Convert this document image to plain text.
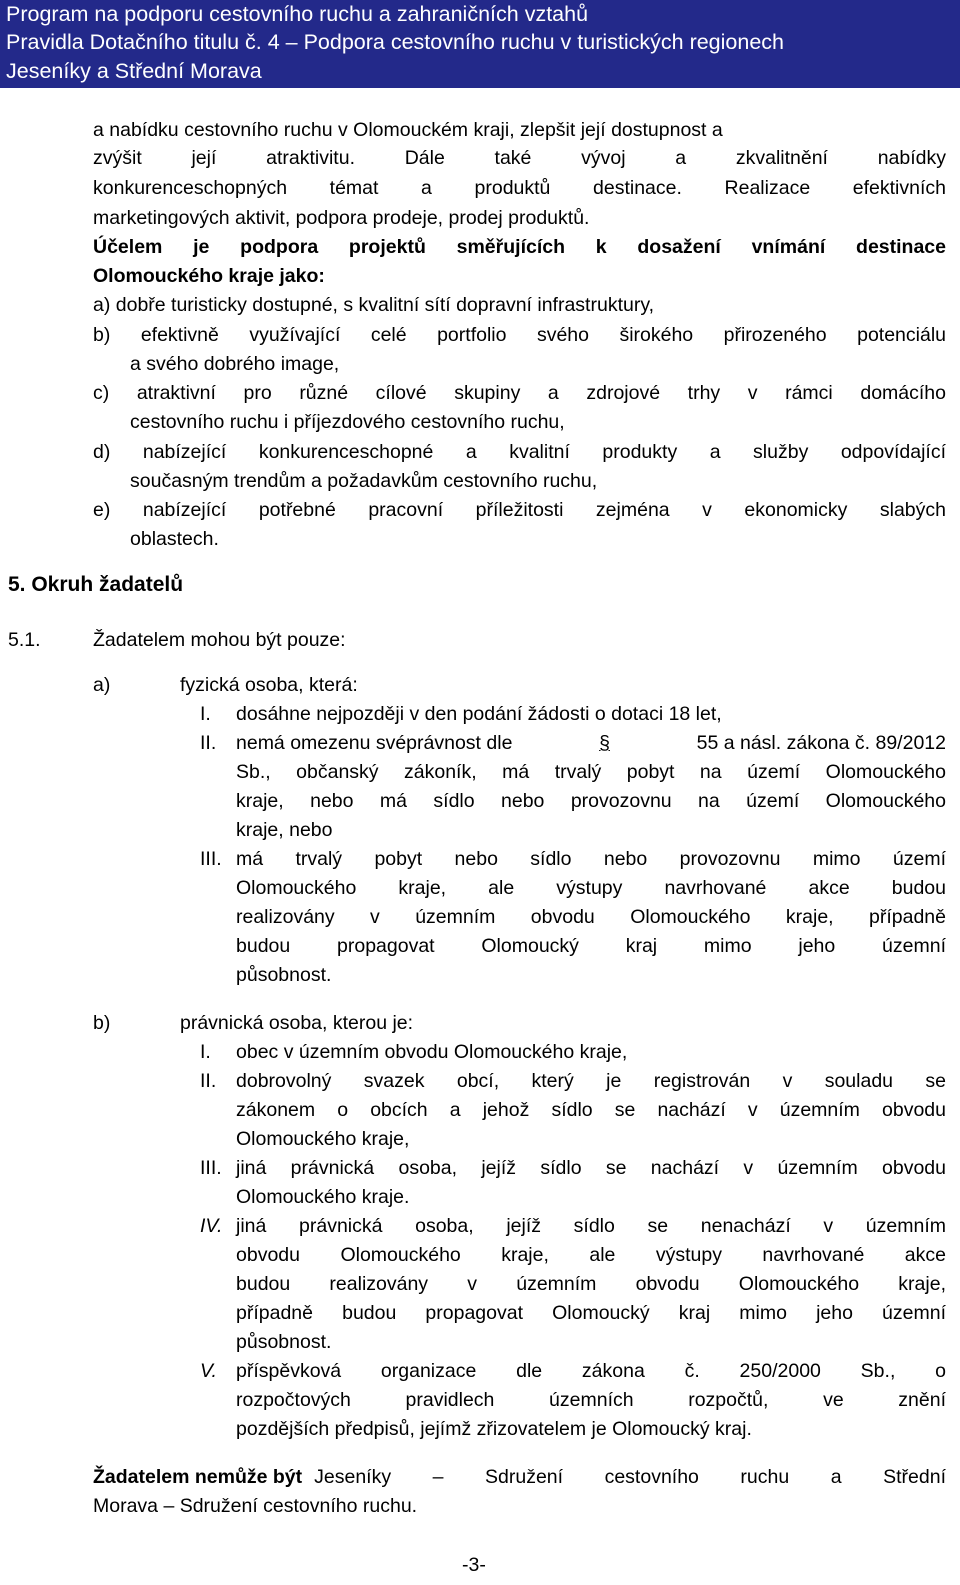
Program na podporu cestovního ruchu a zahraničních vztahů
Pravidla Dotačního titulu č. 4 – Podpora cestovního ruchu v turistických regionech
Jeseníky a Střední Morava
a nabídku cestovního ruchu v Olomouckém kraji, zlepšit její dostupnost a
zvýšit její atraktivitu. Dále také vývoj a zkvalitnění nabídky
konkurenceschopných témat a produktů destinace. Realizace efektivních
marketingových aktivit, podpora prodeje, prodej produktů.
Účelem je podpora projektů směřujících k dosažení vnímání destinace
Olomouckého kraje jako:
a) dobře turisticky dostupné, s kvalitní sítí dopravní infrastruktury,
b) efektivně využívající celé portfolio svého širokého přirozeného potenciálu
a svého dobrého image,
c) atraktivní pro různé cílové skupiny a zdrojové trhy v rámci domácího
cestovního ruchu i příjezdového cestovního ruchu,
d) nabízející konkurenceschopné a kvalitní produkty a služby odpovídající
současným trendům a požadavkům cestovního ruchu,
e) nabízející potřebné pracovní příležitosti zejména v ekonomicky slabých
oblastech.
5. Okruh žadatelů
5.1.	Žadatelem mohou být pouze:
a)	fyzická osoba, která:
I. dosáhne nejpozději v den podání žádosti o dotaci 18 let,
II. nemá omezenu svéprávnost dle	§	55 a násl. zákona č. 89/2012
Sb., občanský zákoník, má trvalý pobyt na území Olomouckého
kraje, nebo má sídlo nebo provozovnu na území Olomouckého
kraje, nebo
III. má trvalý pobyt nebo sídlo nebo provozovnu mimo území
Olomouckého kraje, ale výstupy navrhované akce budou
realizovány v územním obvodu Olomouckého kraje, případně
budou propagovat Olomoucký kraj mimo jeho územní
působnost.
b)	právnická osoba, kterou je:
I. obec v územním obvodu Olomouckého kraje,
II. dobrovolný svazek obcí, který je registrován v souladu se
zákonem o obcích a jehož sídlo se nachází v územním obvodu
Olomouckého kraje,
III. jiná právnická osoba, jejíž sídlo se nachází v územním obvodu
Olomouckého kraje.
IV. jiná právnická osoba, jejíž sídlo se nenachází v územním
obvodu Olomouckého kraje, ale výstupy navrhované akce
budou realizovány v územním obvodu Olomouckého kraje,
případně budou propagovat Olomoucký kraj mimo jeho územní
působnost.
V. příspěvková organizace dle zákona č. 250/2000 Sb., o
rozpočtových pravidlech územních rozpočtů, ve znění
pozdějších předpisů, jejímž zřizovatelem je Olomoucký kraj.
Žadatelem nemůže být Jeseníky – Sdružení cestovního ruchu a Střední
Morava – Sdružení cestovního ruchu.
-3-
